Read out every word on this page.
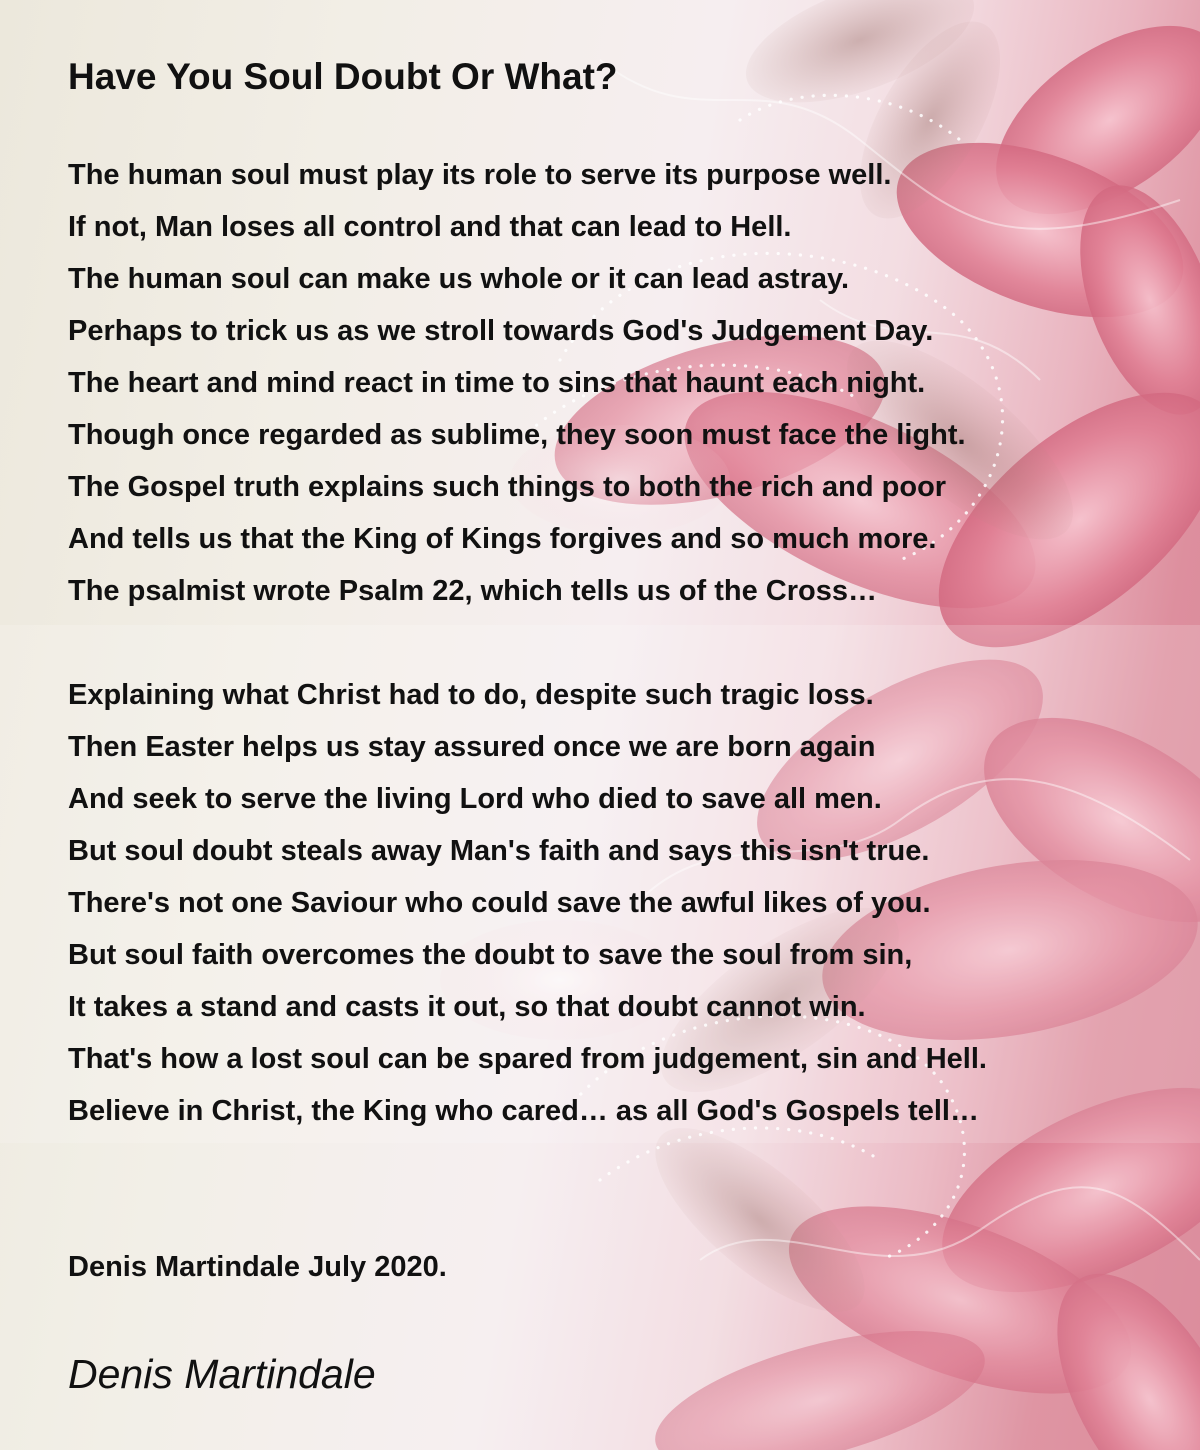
Have You Soul Doubt Or What?
The human soul must play its role to serve its purpose well.
If not, Man loses all control and that can lead to Hell.
The human soul can make us whole or it can lead astray.
Perhaps to trick us as we stroll towards God's Judgement Day.
The heart and mind react in time to sins that haunt each night.
Though once regarded as sublime, they soon must face the light.
The Gospel truth explains such things to both the rich and poor
And tells us that the King of Kings forgives and so much more.
The psalmist wrote Psalm 22, which tells us of the Cross…
Explaining what Christ had to do, despite such tragic loss.
Then Easter helps us stay assured once we are born again
And seek to serve the living Lord who died to save all men.
But soul doubt steals away Man's faith and says this isn't true.
There's not one Saviour who could save the awful likes of you.
But soul faith overcomes the doubt to save the soul from sin,
It takes a stand and casts it out, so that doubt cannot win.
That's how a lost soul can be spared from judgement, sin and Hell.
Believe in Christ, the King who cared… as all God's Gospels tell…

Denis Martindale July 2020.

Denis Martindale
